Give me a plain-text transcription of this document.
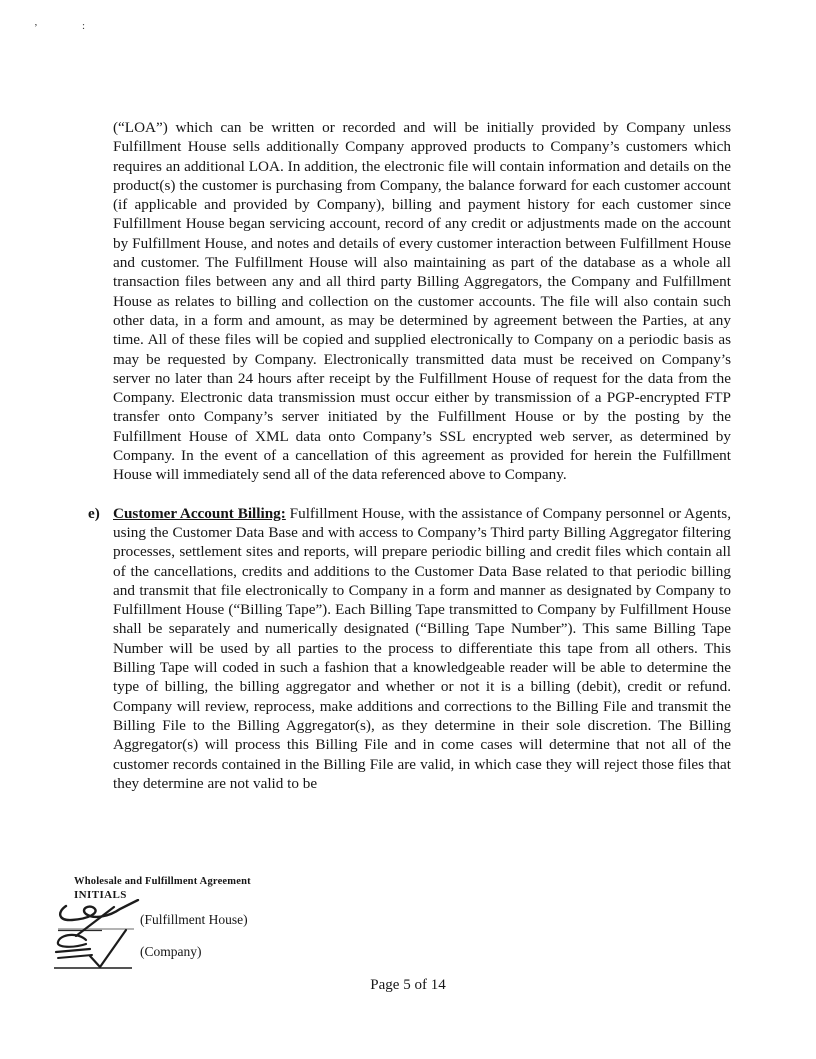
ʼ	:

(“LOA”) which can be written or recorded and will be initially provided by Company unless Fulfillment House sells additionally Company approved products to Company’s customers which requires an additional LOA. In addition, the electronic file will contain information and details on the product(s) the customer is purchasing from Company, the balance forward for each customer account (if applicable and provided by Company), billing and payment history for each customer since Fulfillment House began servicing account, record of any credit or adjustments made on the account by Fulfillment House, and notes and details of every customer interaction between Fulfillment House and customer. The Fulfillment House will also maintaining as part of the database as a whole all transaction files between any and all third party Billing Aggregators, the Company and Fulfillment House as relates to billing and collection on the customer accounts. The file will also contain such other data, in a form and amount, as may be determined by agreement between the Parties, at any time. All of these files will be copied and supplied electronically to Company on a periodic basis as may be requested by Company. Electronically transmitted data must be received on Company’s server no later than 24 hours after receipt by the Fulfillment House of request for the data from the Company. Electronic data transmission must occur either by transmission of a PGP-encrypted FTP transfer onto Company’s server initiated by the Fulfillment House or by the posting by the Fulfillment House of XML data onto Company’s SSL encrypted web server, as determined by Company. In the event of a cancellation of this agreement as provided for herein the Fulfillment House will immediately send all of the data referenced above to Company.

e) Customer Account Billing: Fulfillment House, with the assistance of Company personnel or Agents, using the Customer Data Base and with access to Company’s Third party Billing Aggregator filtering processes, settlement sites and reports, will prepare periodic billing and credit files which contain all of the cancellations, credits and additions to the Customer Data Base related to that periodic billing and transmit that file electronically to Company in a form and manner as designated by Company to Fulfillment House (“Billing Tape”). Each Billing Tape transmitted to Company by Fulfillment House shall be separately and numerically designated (“Billing Tape Number”). This same Billing Tape Number will be used by all parties to the process to differentiate this tape from all others. This Billing Tape will coded in such a fashion that a knowledgeable reader will be able to determine the type of billing, the billing aggregator and whether or not it is a billing (debit), credit or refund. Company will review, reprocess, make additions and corrections to the Billing File and transmit the Billing File to the Billing Aggregator(s), as they determine in their sole discretion. The Billing Aggregator(s) will process this Billing File and in come cases will determine that not all of the customer records contained in the Billing File are valid, in which case they will reject those files that they determine are not valid to be

Wholesale and Fulfillment Agreement
INITIALS
(Fulfillment House)
(Company)
Page 5 of 14
